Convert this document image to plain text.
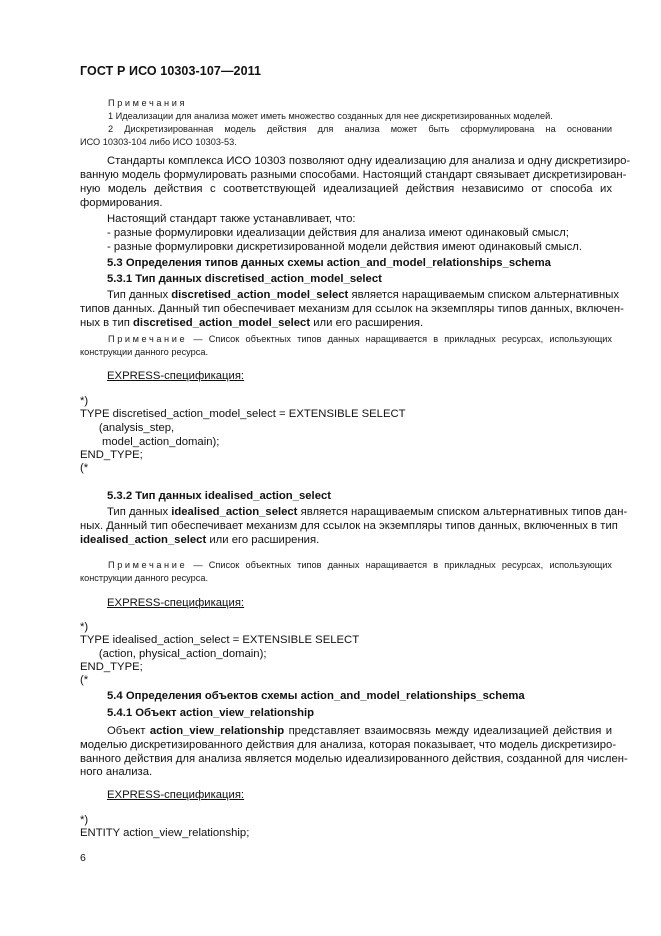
ГОСТ Р ИСО 10303-107—2011
Примечания
1 Идеализации для анализа может иметь множество созданных для нее дискретизированных моделей.
2 Дискретизированная модель действия для анализа может быть сформулирована на основании
ИСО 10303-104 либо ИСО 10303-53.
Стандарты комплекса ИСО 10303 позволяют одну идеализацию для анализа и одну дискретизиро-
ванную модель формулировать разными способами. Настоящий стандарт связывает дискретизирован-
ную модель действия с соответствующей идеализацией действия независимо от способа их
формирования.
Настоящий стандарт также устанавливает, что:
- разные формулировки идеализации действия для анализа имеют одинаковый смысл;
- разные формулировки дискретизированной модели действия имеют одинаковый смысл.
5.3 Определения типов данных схемы action_and_model_relationships_schema
5.3.1 Тип данных discretised_action_model_select
Тип данных discretised_action_model_select является наращиваемым списком альтернативных
типов данных. Данный тип обеспечивает механизм для ссылок на экземпляры типов данных, включен-
ных в тип discretised_action_model_select или его расширения.
Примечание — Список объектных типов данных наращивается в прикладных ресурсах, использующих
конструкции данного ресурса.
EXPRESS-спецификация:
*)
TYPE discretised_action_model_select = EXTENSIBLE SELECT
(analysis_step,
model_action_domain);
END_TYPE;
(*
5.3.2 Тип данных idealised_action_select
Тип данных idealised_action_select является наращиваемым списком альтернативных типов дан-
ных. Данный тип обеспечивает механизм для ссылок на экземпляры типов данных, включенных в тип
idealised_action_select или его расширения.
Примечание — Список объектных типов данных наращивается в прикладных ресурсах, использующих
конструкции данного ресурса.
EXPRESS-спецификация:
*)
TYPE idealised_action_select = EXTENSIBLE SELECT
(action, physical_action_domain);
END_TYPE;
(*
5.4 Определения объектов схемы action_and_model_relationships_schema
5.4.1 Объект action_view_relationship
Объект action_view_relationship представляет взаимосвязь между идеализацией действия и
моделью дискретизированного действия для анализа, которая показывает, что модель дискретизиро-
ванного действия для анализа является моделью идеализированного действия, созданной для числен-
ного анализа.
EXPRESS-спецификация:
*)
ENTITY action_view_relationship;
6
